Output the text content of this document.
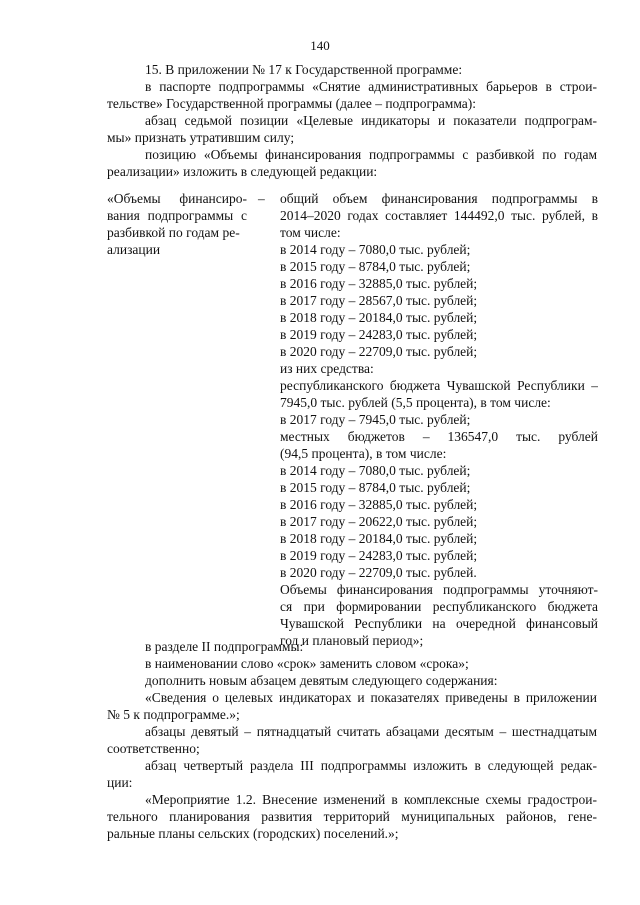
140
15. В приложении № 17 к Государственной программе:
в паспорте подпрограммы «Снятие административных барьеров в строи-
тельстве» Государственной программы (далее – подпрограмма):
абзац седьмой позиции «Целевые индикаторы и показатели подпрограм-
мы» признать утратившим силу;
позицию «Объемы финансирования подпрограммы с разбивкой по годам
реализации» изложить в следующей редакции:
«Объемы финансиро- –
вания подпрограммы с
разбивкой по годам ре-
ализации
общий объем финансирования подпрограммы в
2014–2020 годах составляет 144492,0 тыс. рублей, в
том числе:
в 2014 году – 7080,0 тыс. рублей;
в 2015 году – 8784,0 тыс. рублей;
в 2016 году – 32885,0 тыс. рублей;
в 2017 году – 28567,0 тыс. рублей;
в 2018 году – 20184,0 тыс. рублей;
в 2019 году – 24283,0 тыс. рублей;
в 2020 году – 22709,0 тыс. рублей;
из них средства:
республиканского бюджета Чувашской Республики –
7945,0 тыс. рублей (5,5 процента), в том числе:
в 2017 году – 7945,0 тыс. рублей;
местных бюджетов – 136547,0 тыс. рублей
(94,5 процента), в том числе:
в 2014 году – 7080,0 тыс. рублей;
в 2015 году – 8784,0 тыс. рублей;
в 2016 году – 32885,0 тыс. рублей;
в 2017 году – 20622,0 тыс. рублей;
в 2018 году – 20184,0 тыс. рублей;
в 2019 году – 24283,0 тыс. рублей;
в 2020 году – 22709,0 тыс. рублей.
Объемы финансирования подпрограммы уточняют-
ся при формировании республиканского бюджета
Чувашской Республики на очередной финансовый
год и плановый период»;
в разделе II подпрограммы:
в наименовании слово «срок» заменить словом «срока»;
дополнить новым абзацем девятым следующего содержания:
«Сведения о целевых индикаторах и показателях приведены в приложении
№ 5 к подпрограмме.»;
абзацы девятый – пятнадцатый считать абзацами десятым – шестнадцатым
соответственно;
абзац четвертый раздела III подпрограммы изложить в следующей редак-
ции:
«Мероприятие 1.2. Внесение изменений в комплексные схемы градострои-
тельного планирования развития территорий муниципальных районов, гене-
ральные планы сельских (городских) поселений.»;
